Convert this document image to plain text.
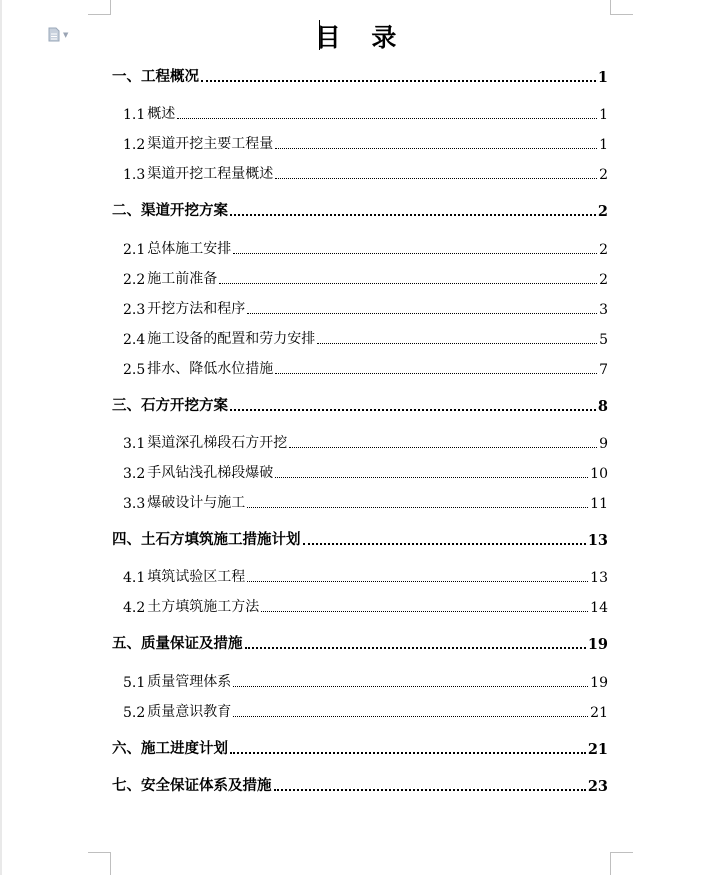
▼	目 录
一、工程概况	1
1.1 概述	1
1.2 渠道开挖主要工程量	1
1.3 渠道开挖工程量概述	2
二、渠道开挖方案	2
2.1 总体施工安排	2
2.2 施工前准备	2
2.3 开挖方法和程序	3
2.4 施工设备的配置和劳力安排	5
2.5 排水、降低水位措施	7
三、石方开挖方案	8
3.1 渠道深孔梯段石方开挖	9
3.2 手风钻浅孔梯段爆破	10
3.3 爆破设计与施工	11
四、土石方填筑施工措施计划	13
4.1 填筑试验区工程	13
4.2 土方填筑施工方法	14
五、质量保证及措施	19
5.1 质量管理体系	19
5.2 质量意识教育	21
六、施工进度计划	21
七、安全保证体系及措施	23
